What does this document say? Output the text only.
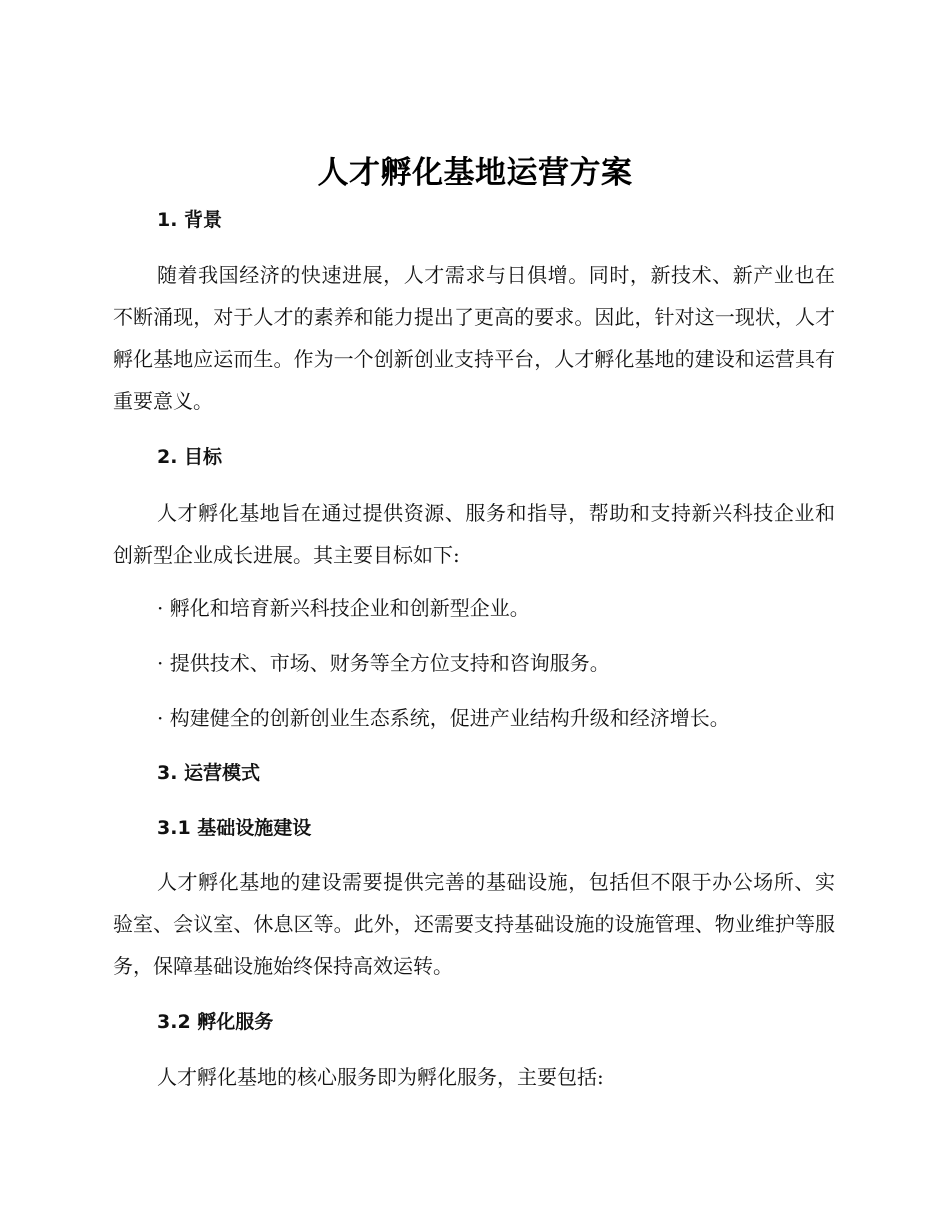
人才孵化基地运营方案
1. 背景
随着我国经济的快速进展，人才需求与日俱增。同时，新技术、新产业也在不断涌现，对于人才的素养和能力提出了更高的要求。因此，针对这一现状，人才孵化基地应运而生。作为一个创新创业支持平台，人才孵化基地的建设和运营具有重要意义。
2. 目标
人才孵化基地旨在通过提供资源、服务和指导，帮助和支持新兴科技企业和创新型企业成长进展。其主要目标如下:
· 孵化和培育新兴科技企业和创新型企业。
· 提供技术、市场、财务等全方位支持和咨询服务。
· 构建健全的创新创业生态系统，促进产业结构升级和经济增长。
3. 运营模式
3.1 基础设施建设
人才孵化基地的建设需要提供完善的基础设施，包括但不限于办公场所、实验室、会议室、休息区等。此外，还需要支持基础设施的设施管理、物业维护等服务，保障基础设施始终保持高效运转。
3.2 孵化服务
人才孵化基地的核心服务即为孵化服务，主要包括:
